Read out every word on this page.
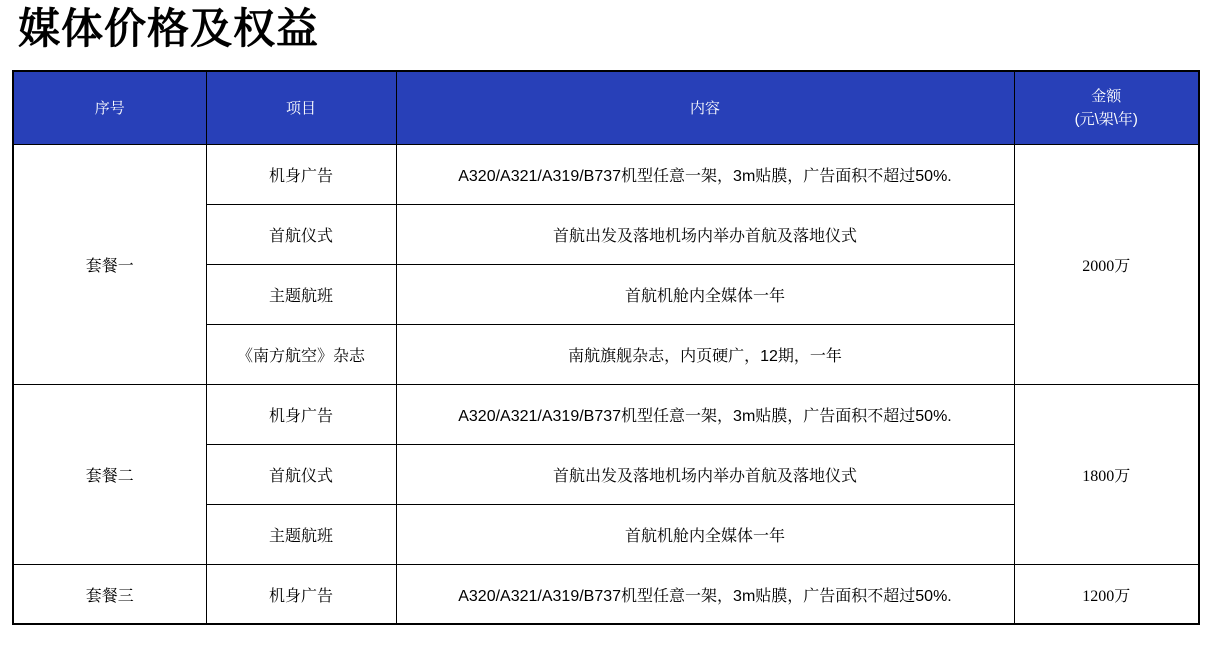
媒体价格及权益
序号	项目	内容	金额
(元\架\年)
套餐一	机身广告	A320/A321/A319/B737机型任意一架，3m贴膜，广告面积不超过50%.	2000万
	首航仪式	首航出发及落地机场内举办首航及落地仪式	
	主题航班	首航机舱内全媒体一年	
	《南方航空》杂志	南航旗舰杂志，内页硬广，12期，一年	
套餐二	机身广告	A320/A321/A319/B737机型任意一架，3m贴膜，广告面积不超过50%.	1800万
	首航仪式	首航出发及落地机场内举办首航及落地仪式	
	主题航班	首航机舱内全媒体一年	
套餐三	机身广告	A320/A321/A319/B737机型任意一架，3m贴膜，广告面积不超过50%.	1200万
